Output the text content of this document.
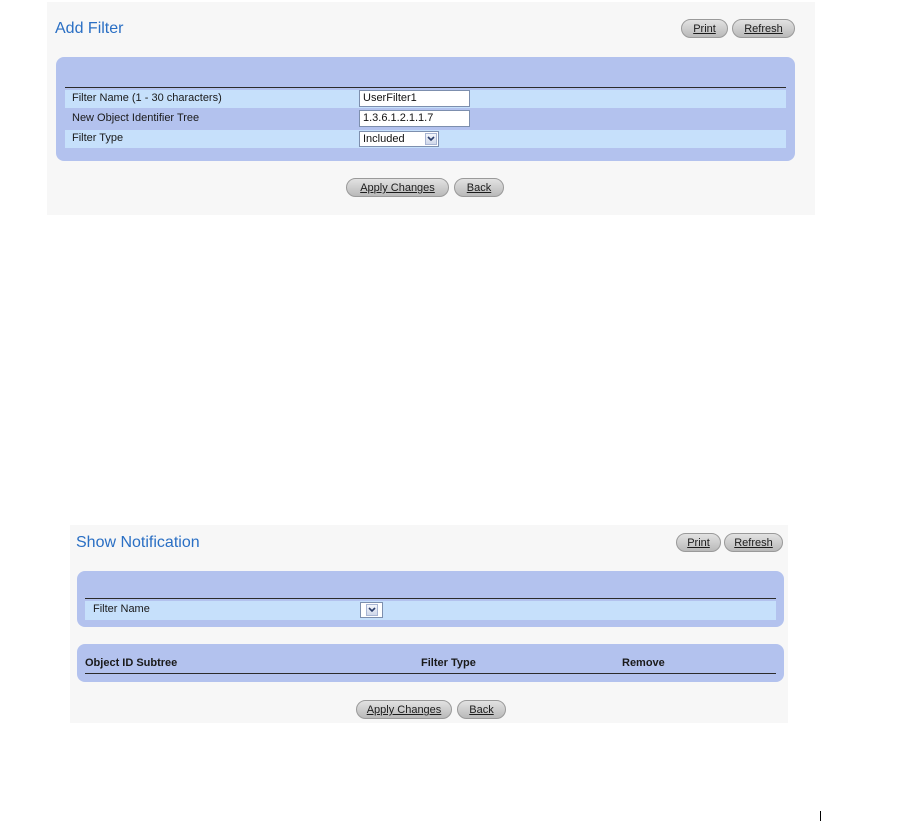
Add Filter	Print	Refresh
Filter Name (1 - 30 characters)	UserFilter1
New Object Identifier Tree	1.3.6.1.2.1.1.7
Filter Type	Included
Apply Changes	Back
Show Notification	Print	Refresh
Filter Name
Object ID Subtree	Filter Type	Remove
Apply Changes	Back
